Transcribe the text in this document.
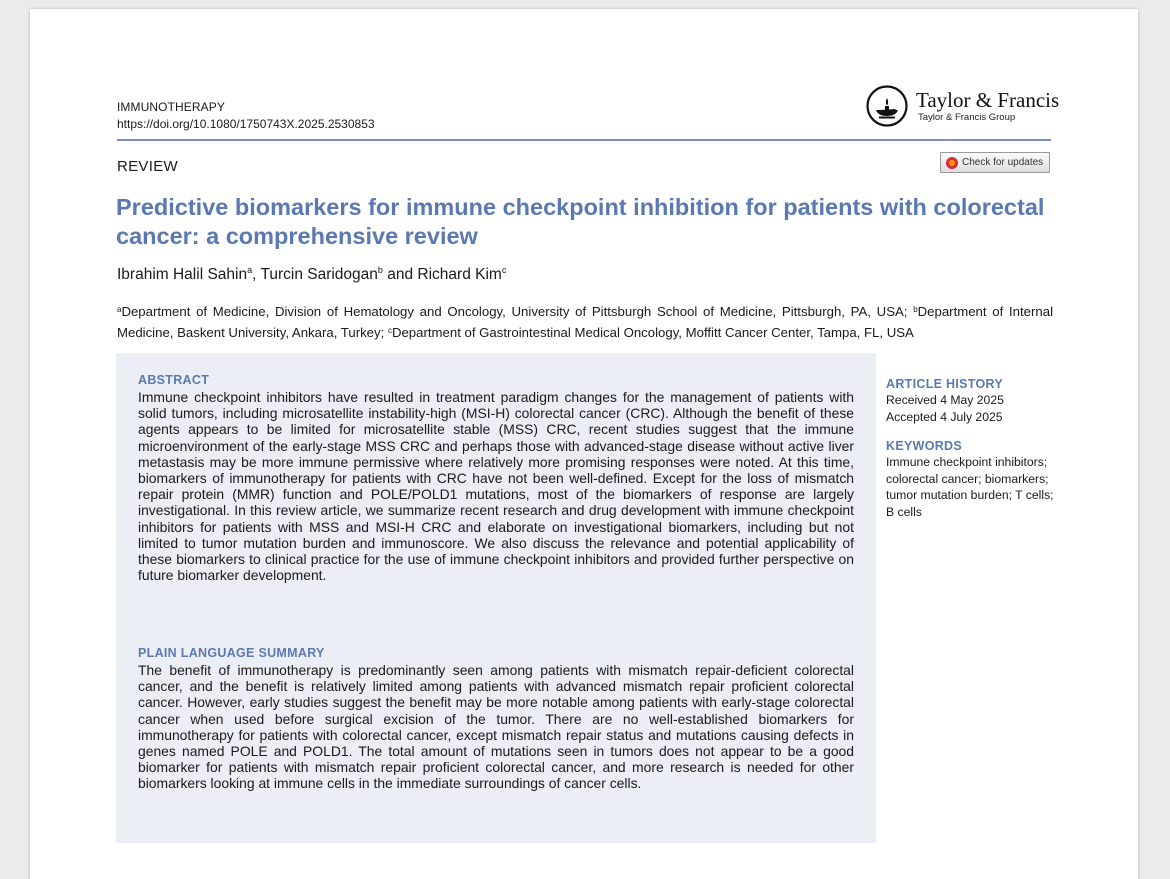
IMMUNOTHERAPY
https://doi.org/10.1080/1750743X.2025.2530853
Taylor & Francis
Taylor & Francis Group
REVIEW	Check for updates
Predictive biomarkers for immune checkpoint inhibition for patients with colorectal cancer: a comprehensive review
Ibrahim Halil Sahin$^a$, Turcin Saridogan$^b$ and Richard Kim$^c$
$^a$Department of Medicine, Division of Hematology and Oncology, University of Pittsburgh School of Medicine, Pittsburgh, PA, USA; $^b$Department of Internal Medicine, Baskent University, Ankara, Turkey; $^c$Department of Gastrointestinal Medical Oncology, Moffitt Cancer Center, Tampa, FL, USA
ABSTRACT
Immune checkpoint inhibitors have resulted in treatment paradigm changes for the management of patients with solid tumors, including microsatellite instability-high (MSI-H) colorectal cancer (CRC). Although the benefit of these agents appears to be limited for microsatellite stable (MSS) CRC, recent studies suggest that the immune microenvironment of the early-stage MSS CRC and perhaps those with advanced-stage disease without active liver metastasis may be more immune permissive where relatively more promising responses were noted. At this time, biomarkers of immunotherapy for patients with CRC have not been well-defined. Except for the loss of mismatch repair protein (MMR) function and POLE/POLD1 mutations, most of the biomarkers of response are largely investigational. In this review article, we summarize recent research and drug development with immune checkpoint inhibitors for patients with MSS and MSI-H CRC and elaborate on investigational biomarkers, including but not limited to tumor mutation burden and immunoscore. We also discuss the relevance and potential applicability of these biomarkers to clinical practice for the use of immune checkpoint inhibitors and provided further perspective on future biomarker development.
PLAIN LANGUAGE SUMMARY
The benefit of immunotherapy is predominantly seen among patients with mismatch repair-deficient colorectal cancer, and the benefit is relatively limited among patients with advanced mismatch repair proficient colorectal cancer. However, early studies suggest the benefit may be more notable among patients with early-stage colorectal cancer when used before surgical excision of the tumor. There are no well-established biomarkers for immunotherapy for patients with colorectal cancer, except mismatch repair status and mutations causing defects in genes named POLE and POLD1. The total amount of mutations seen in tumors does not appear to be a good biomarker for patients with mismatch repair proficient colorectal cancer, and more research is needed for other biomarkers looking at immune cells in the immediate surroundings of cancer cells.
ARTICLE HISTORY
Received 4 May 2025
Accepted 4 July 2025
KEYWORDS
Immune checkpoint inhibitors; colorectal cancer; biomarkers; tumor mutation burden; T cells; B cells
